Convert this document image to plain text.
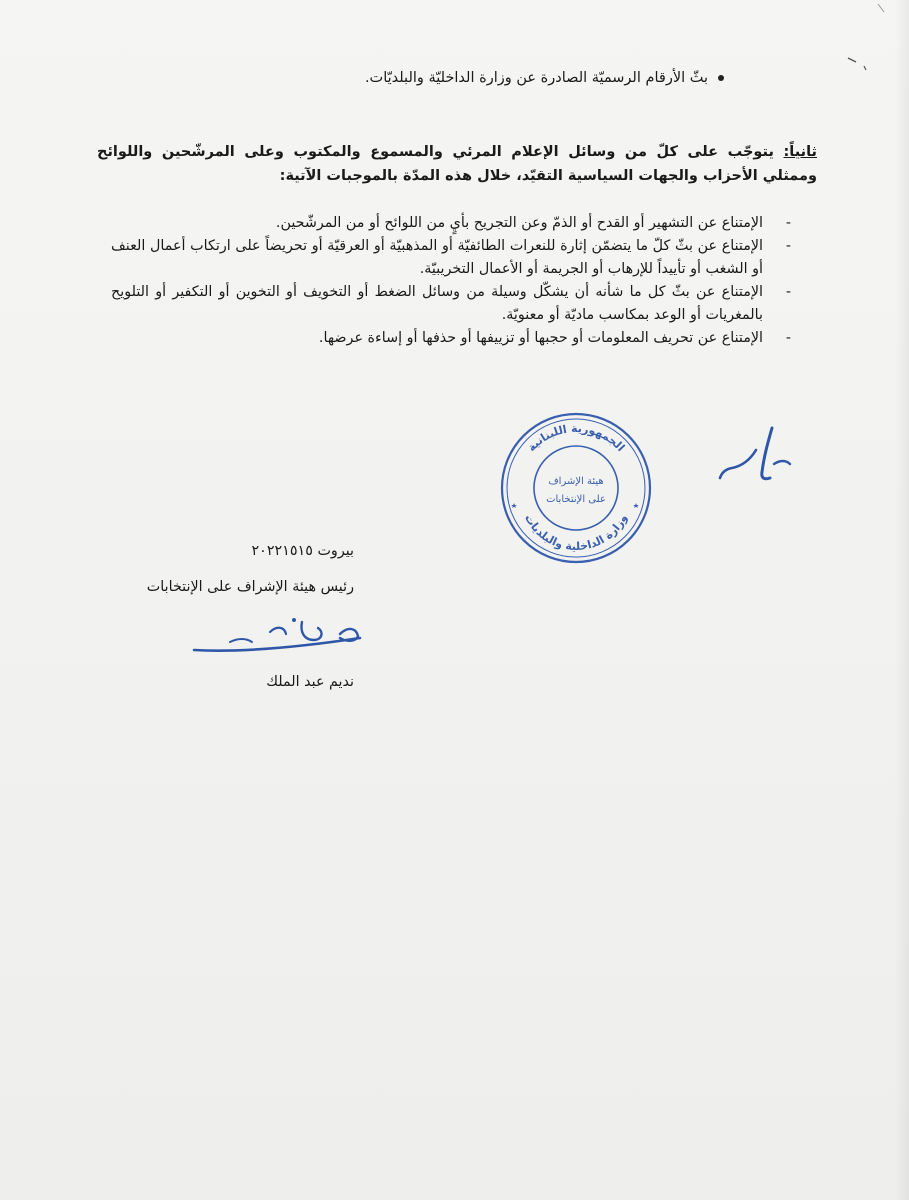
بثّ الأرقام الرسميّة الصادرة عن وزارة الداخليّة والبلديّات.
ثانياً: يتوجّب على كلّ من وسائل الإعلام المرئي والمسموع والمكتوب وعلى المرشّحين واللوائح وممثلي الأحزاب والجهات السياسية التقيّد، خلال هذه المدّة بالموجبات الآتية:
-
الإمتناع عن التشهير أو القدح أو الذمّ وعن التجريح بأيٍ من اللوائح أو من المرشّحين.
-
الإمتناع عن بثّ كلّ ما يتضمّن إثارة للنعرات الطائفيّة أو المذهبيّة أو العرقيّة أو تحريضاً على ارتكاب أعمال العنف أو الشغب أو تأييداً للإرهاب أو الجريمة أو الأعمال التخريبيّة.
-
الإمتناع عن بثّ كل ما شأنه أن يشكّل وسيلة من وسائل الضغط أو التخويف أو التخوين أو التكفير أو التلويح بالمغريات أو الوعد بمكاسب ماديّة أو معنويّة.
-
الإمتناع عن تحريف المعلومات أو حجبها أو تزييفها أو حذفها أو إساءة عرضها.
الجمهورية اللبنانية
وزارة الداخلية والبلديات
هيئة الإشراف
على الإنتخابات
بيروت ٢٠٢٢١٥١٥
رئيس هيئة الإشراف على الإنتخابات
نديم عبد الملك
